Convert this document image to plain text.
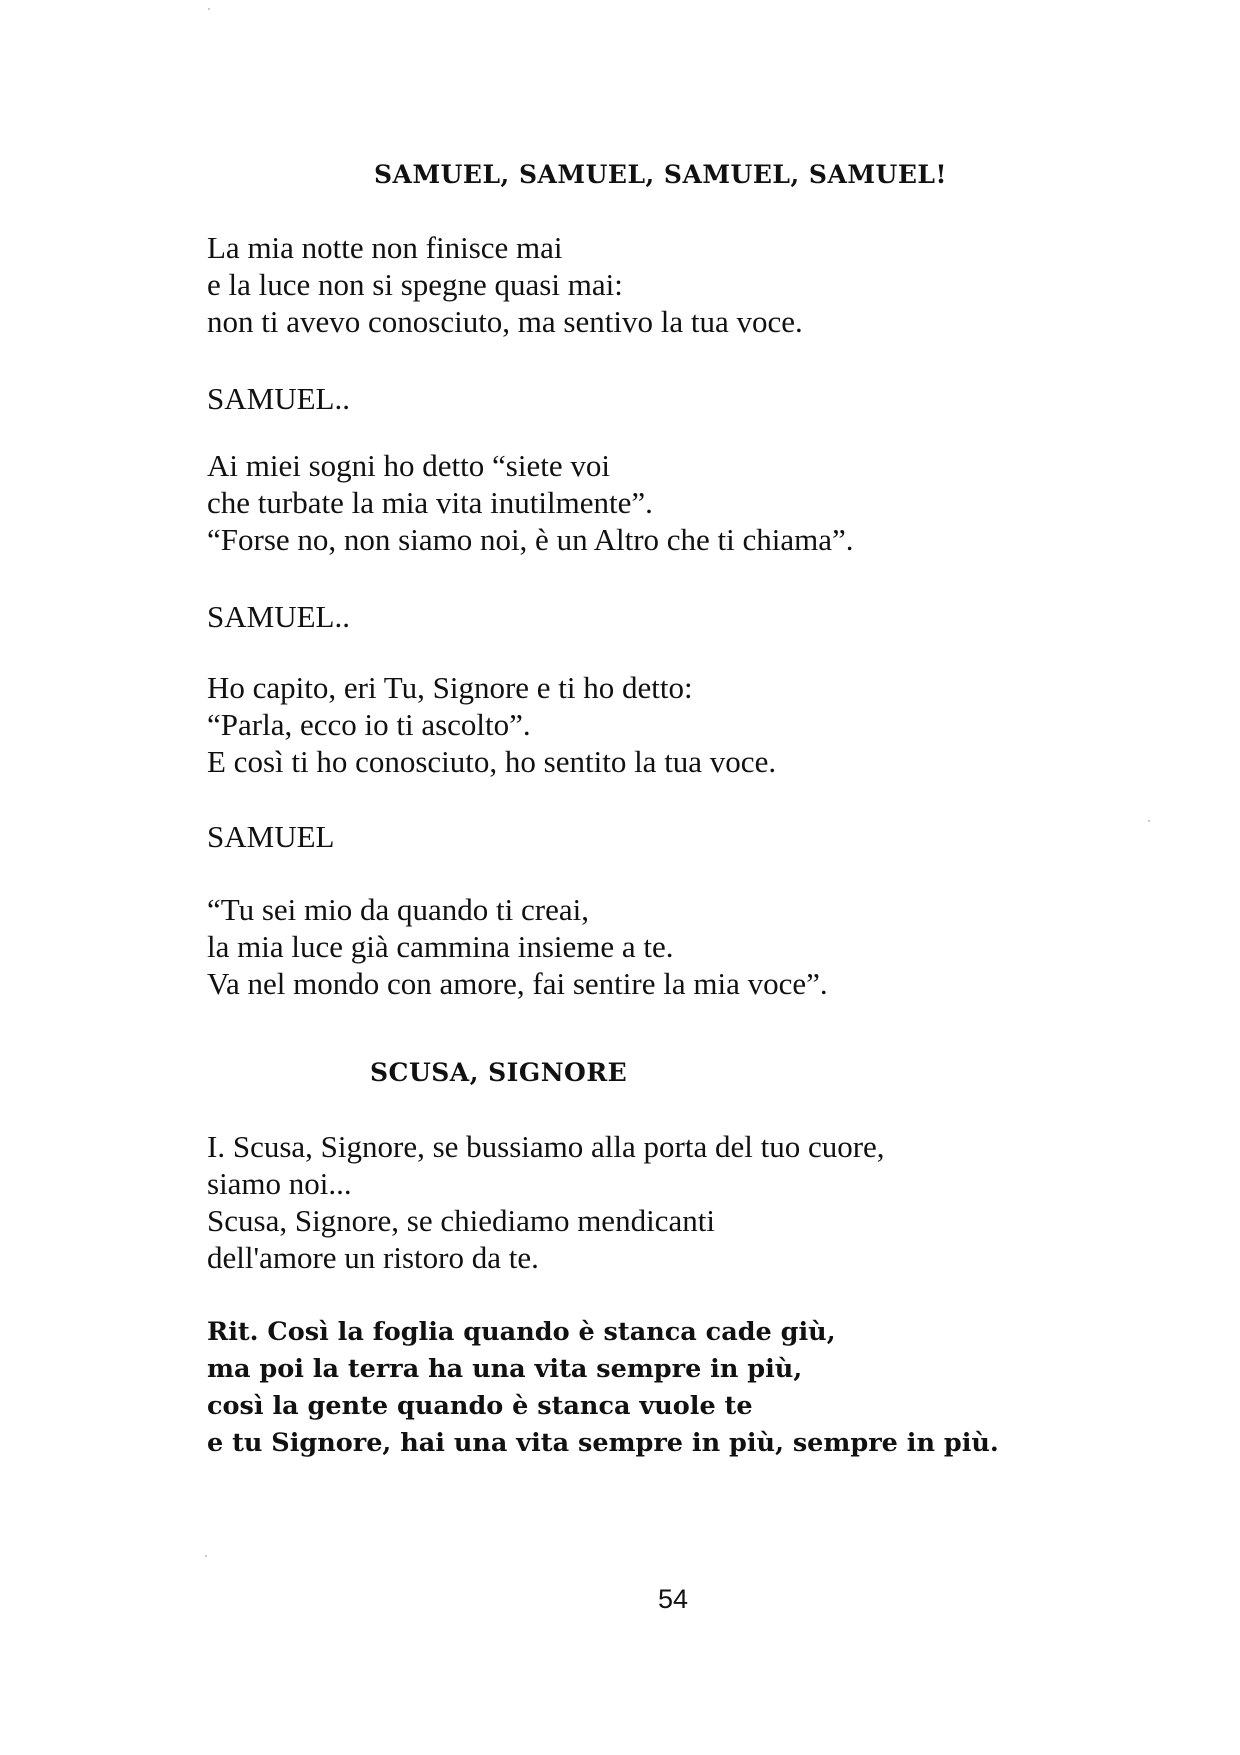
SAMUEL, SAMUEL, SAMUEL, SAMUEL!

La mia notte non finisce mai
e la luce non si spegne quasi mai:
non ti avevo conosciuto, ma sentivo la tua voce.

SAMUEL..

Ai miei sogni ho detto “siete voi
che turbate la mia vita inutilmente”.
“Forse no, non siamo noi, è un Altro che ti chiama”.

SAMUEL..

Ho capito, eri Tu, Signore e ti ho detto:
“Parla, ecco io ti ascolto”.
E così ti ho conosciuto, ho sentito la tua voce.

SAMUEL

“Tu sei mio da quando ti creai,
la mia luce già cammina insieme a te.
Va nel mondo con amore, fai sentire la mia voce”.

SCUSA, SIGNORE

I. Scusa, Signore, se bussiamo alla porta del tuo cuore,
siamo noi...
Scusa, Signore, se chiediamo mendicanti
dell'amore un ristoro da te.

Rit. Così la foglia quando è stanca cade giù,
ma poi la terra ha una vita sempre in più,
così la gente quando è stanca vuole te
e tu Signore, hai una vita sempre in più, sempre in più.

54
